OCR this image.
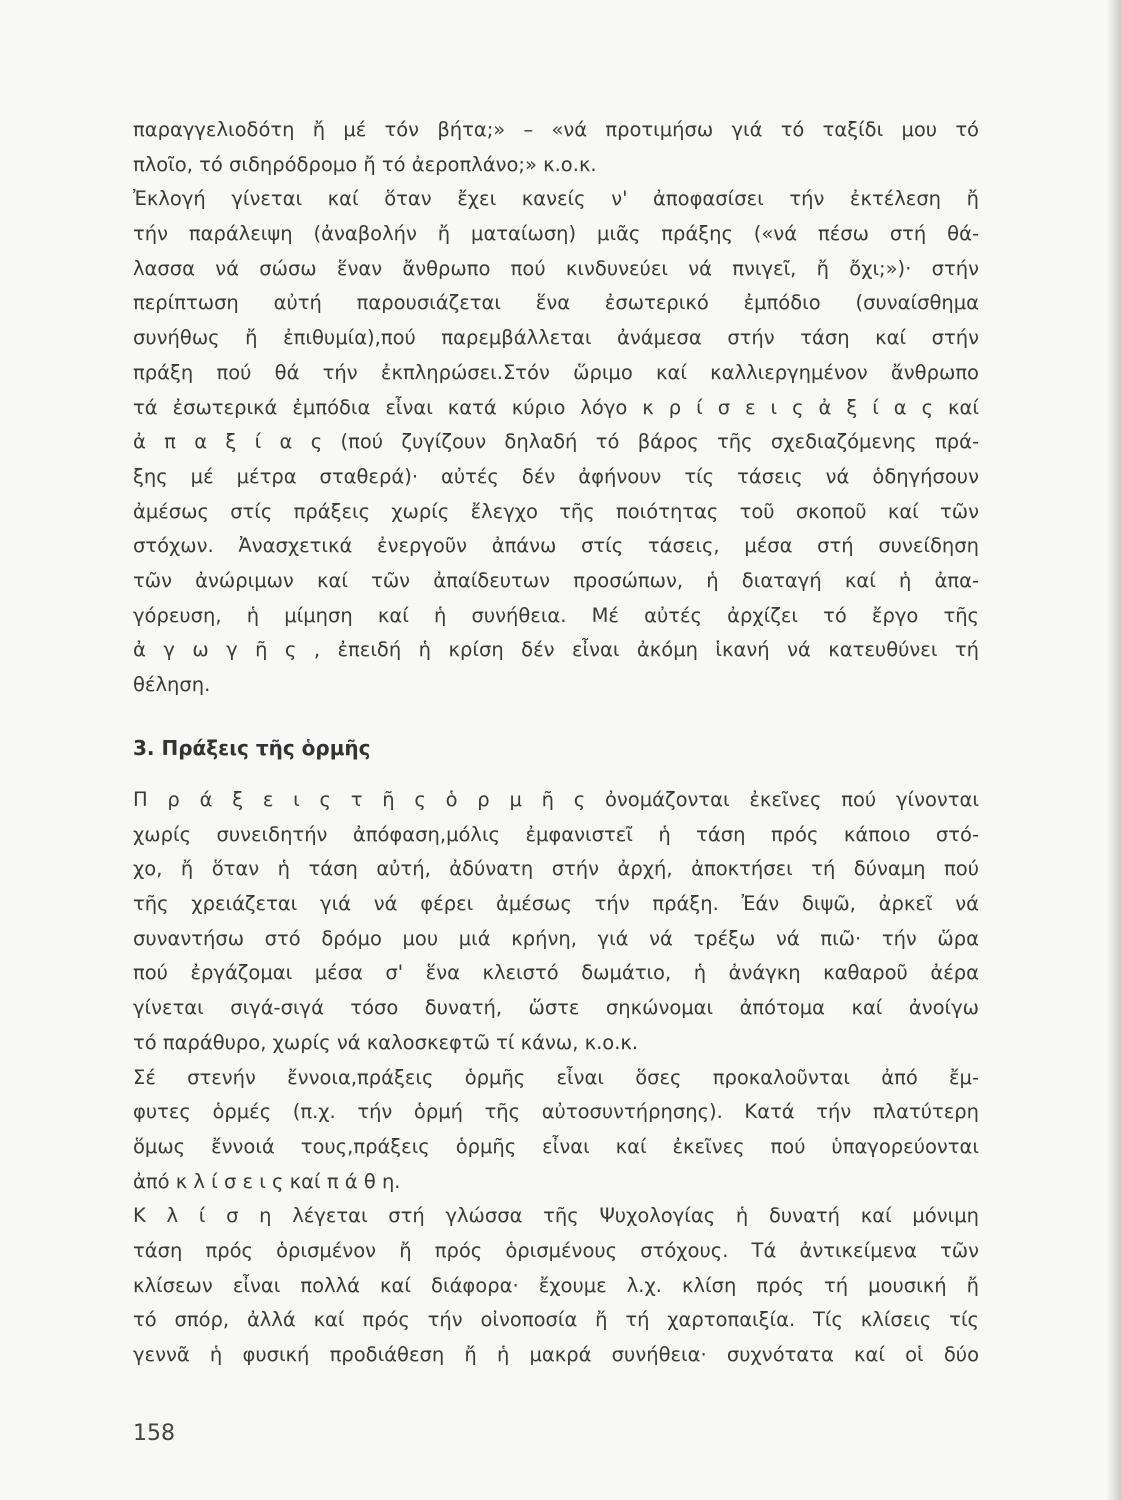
παραγγελιοδότη ἤ μέ τόν βήτα;» – «νά προτιμήσω γιά τό ταξίδι μου τό
πλοῖο, τό σιδηρόδρομο ἤ τό ἀεροπλάνο;» κ.ο.κ.
Ἐκλογή γίνεται καί ὅταν ἔχει κανείς ν' ἀποφασίσει τήν ἐκτέλεση ἤ
τήν παράλειψη (ἀναβολήν ἤ ματαίωση) μιᾶς πράξης («νά πέσω στή θά-
λασσα νά σώσω ἕναν ἄνθρωπο πού κινδυνεύει νά πνιγεῖ, ἤ ὄχι;»)· στήν
περίπτωση αὐτή παρουσιάζεται ἕνα ἐσωτερικό ἐμπόδιο (συναίσθημα
συνήθως ἤ ἐπιθυμία),πού παρεμβάλλεται ἀνάμεσα στήν τάση καί στήν
πράξη πού θά τήν ἐκπληρώσει.Στόν ὥριμο καί καλλιεργημένον ἄνθρωπο
τά ἐσωτερικά ἐμπόδια εἶναι κατά κύριο λόγο κ ρ ί σ ε ι ς ἀ ξ ί α ς καί
ἀ π α ξ ί α ς (πού ζυγίζουν δηλαδή τό βάρος τῆς σχεδιαζόμενης πρά-
ξης μέ μέτρα σταθερά)· αὐτές δέν ἀφήνουν τίς τάσεις νά ὁδηγήσουν
ἀμέσως στίς πράξεις χωρίς ἔλεγχο τῆς ποιότητας τοῦ σκοποῦ καί τῶν
στόχων. Ἀνασχετικά ἐνεργοῦν ἀπάνω στίς τάσεις, μέσα στή συνείδηση
τῶν ἀνώριμων καί τῶν ἀπαίδευτων προσώπων, ἡ διαταγή καί ἡ ἀπα-
γόρευση, ἡ μίμηση καί ἡ συνήθεια. Μέ αὐτές ἀρχίζει τό ἔργο τῆς
ἀ γ ω γ ῆ ς , ἐπειδή ἡ κρίση δέν εἶναι ἀκόμη ἱκανή νά κατευθύνει τή
θέληση.
3. Πράξεις τῆς ὁρμῆς
Π ρ ά ξ ε ι ς τ ῆ ς ὁ ρ μ ῆ ς ὀνομάζονται ἐκεῖνες πού γίνονται
χωρίς συνειδητήν ἀπόφαση,μόλις ἐμφανιστεῖ ἡ τάση πρός κάποιο στό-
χο, ἤ ὅταν ἡ τάση αὐτή, ἀδύνατη στήν ἀρχή, ἀποκτήσει τή δύναμη πού
τῆς χρειάζεται γιά νά φέρει ἀμέσως τήν πράξη. Ἐάν διψῶ, ἀρκεῖ νά
συναντήσω στό δρόμο μου μιά κρήνη, γιά νά τρέξω νά πιῶ· τήν ὥρα
πού ἐργάζομαι μέσα σ' ἕνα κλειστό δωμάτιο, ἡ ἀνάγκη καθαροῦ ἀέρα
γίνεται σιγά-σιγά τόσο δυνατή, ὥστε σηκώνομαι ἀπότομα καί ἀνοίγω
τό παράθυρο, χωρίς νά καλοσκεφτῶ τί κάνω, κ.ο.κ.
Σέ στενήν ἔννοια,πράξεις ὁρμῆς εἶναι ὅσες προκαλοῦνται ἀπό ἔμ-
φυτες ὁρμές (π.χ. τήν ὁρμή τῆς αὐτοσυντήρησης). Κατά τήν πλατύτερη
ὅμως ἔννοιά τους,πράξεις ὁρμῆς εἶναι καί ἐκεῖνες πού ὑπαγορεύονται
ἀπό κ λ ί σ ε ι ς καί π ά θ η.
Κ λ ί σ η λέγεται στή γλώσσα τῆς Ψυχολογίας ἡ δυνατή καί μόνιμη
τάση πρός ὁρισμένον ἤ πρός ὁρισμένους στόχους. Τά ἀντικείμενα τῶν
κλίσεων εἶναι πολλά καί διάφορα· ἔχουμε λ.χ. κλίση πρός τή μουσική ἤ
τό σπόρ, ἀλλά καί πρός τήν οἰνοποσία ἤ τή χαρτοπαιξία. Τίς κλίσεις τίς
γεννᾶ ἡ φυσική προδιάθεση ἤ ἡ μακρά συνήθεια· συχνότατα καί οἱ δύο
158
